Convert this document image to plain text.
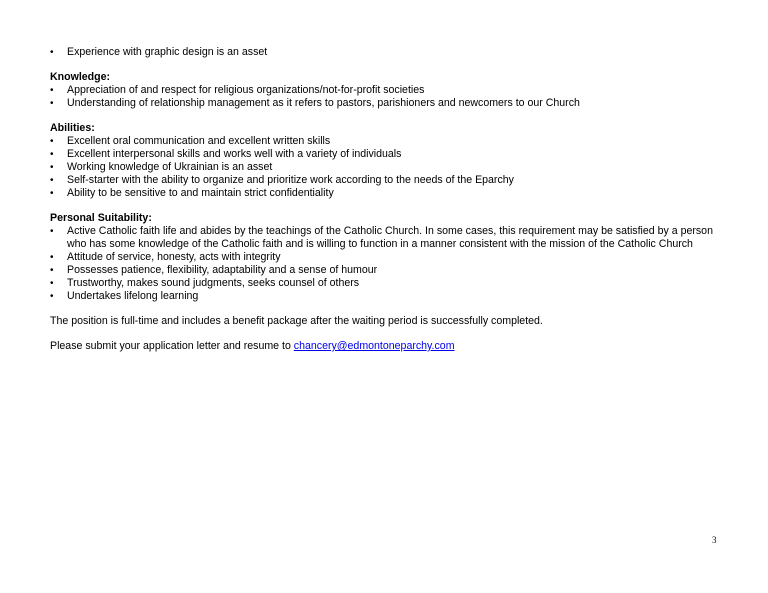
•
Experience with graphic design is an asset
Knowledge:
•
Appreciation of and respect for religious organizations/not-for-profit societies
•
Understanding of relationship management as it refers to pastors, parishioners and newcomers to our Church
Abilities:
•
Excellent oral communication and excellent written skills
•
Excellent interpersonal skills and works well with a variety of individuals
•
Working knowledge of Ukrainian is an asset
•
Self-starter with the ability to organize and prioritize work according to the needs of the Eparchy
•
Ability to be sensitive to and maintain strict confidentiality
Personal Suitability:
•
Active Catholic faith life and abides by the teachings of the Catholic Church. In some cases, this requirement may be satisfied by a person who has some knowledge of the Catholic faith and is willing to function in a manner consistent with the mission of the Catholic Church
•
Attitude of service, honesty, acts with integrity
•
Possesses patience, flexibility, adaptability and a sense of humour
•
Trustworthy, makes sound judgments, seeks counsel of others
•
Undertakes lifelong learning

The position is full-time and includes a benefit package after the waiting period is successfully completed.

Please submit your application letter and resume to chancery@edmontoneparchy.com

3
